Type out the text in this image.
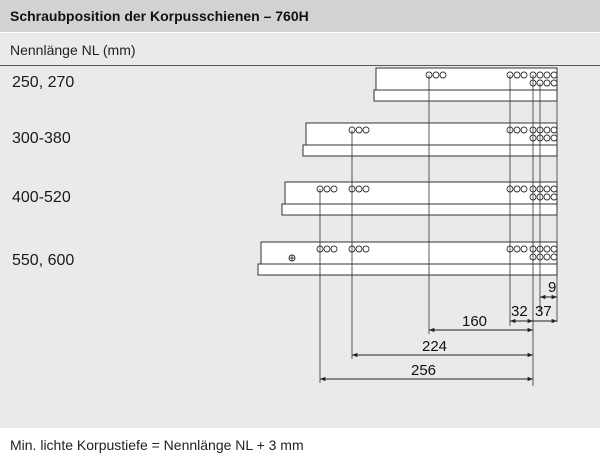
Schraubposition der Korpusschienen – 760H
Nennlänge NL (mm)
250, 270
300-380
400-520
550, 600
9
32 37
160
224
256
Min. lichte Korpustiefe = Nennlänge NL + 3 mm
